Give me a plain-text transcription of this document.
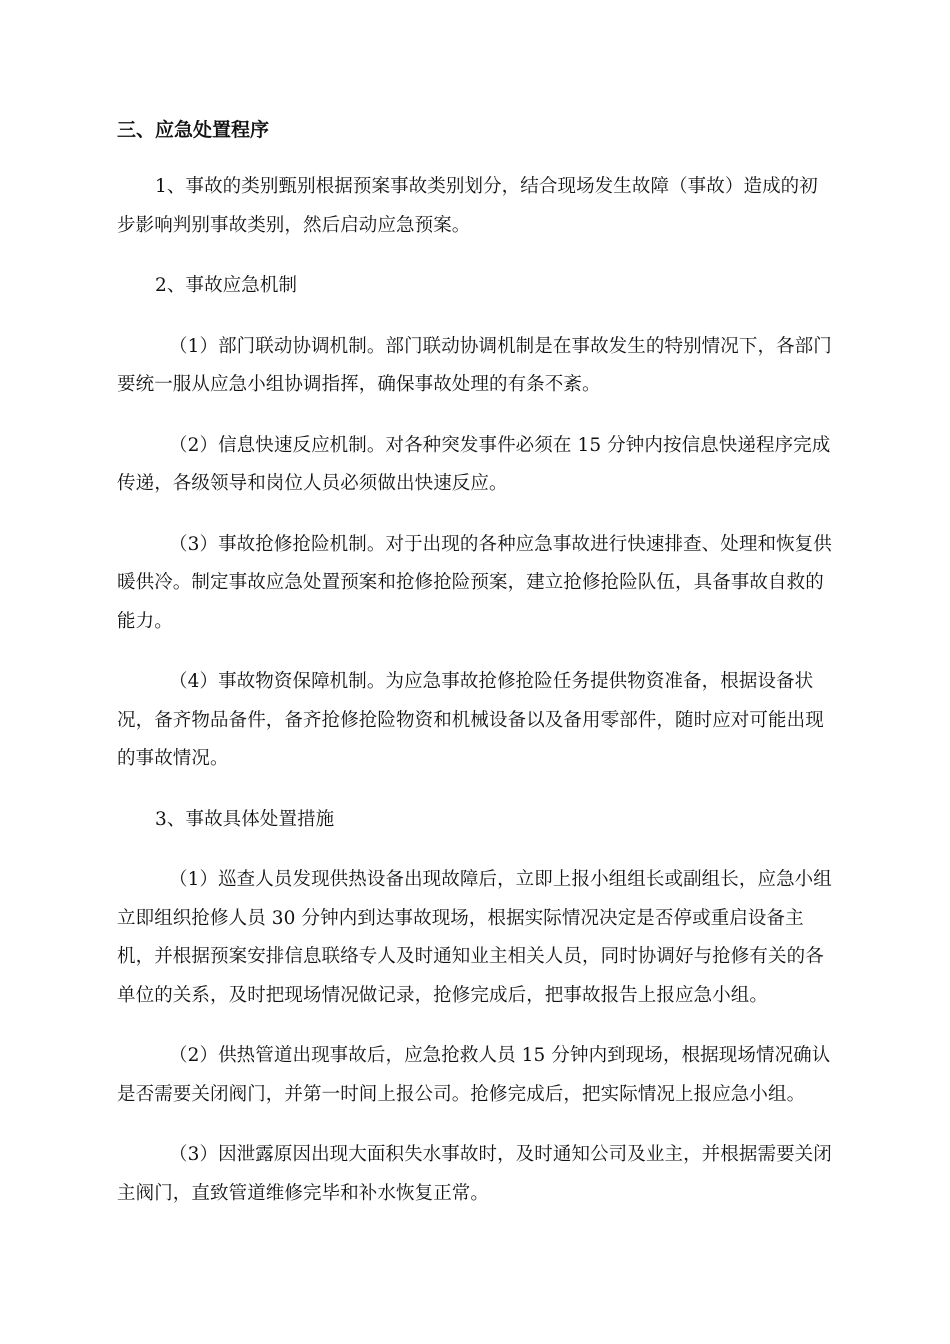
三、应急处置程序

1、事故的类别甄别根据预案事故类别划分，结合现场发生故障（事故）造成的初步影响判别事故类别，然后启动应急预案。

2、事故应急机制

（1）部门联动协调机制。部门联动协调机制是在事故发生的特别情况下，各部门要统一服从应急小组协调指挥，确保事故处理的有条不紊。

（2）信息快速反应机制。对各种突发事件必须在 15 分钟内按信息快递程序完成传递，各级领导和岗位人员必须做出快速反应。

（3）事故抢修抢险机制。对于出现的各种应急事故进行快速排查、处理和恢复供暖供冷。制定事故应急处置预案和抢修抢险预案，建立抢修抢险队伍，具备事故自救的能力。

（4）事故物资保障机制。为应急事故抢修抢险任务提供物资准备，根据设备状况，备齐物品备件，备齐抢修抢险物资和机械设备以及备用零部件，随时应对可能出现的事故情况。

3、事故具体处置措施

（1）巡查人员发现供热设备出现故障后，立即上报小组组长或副组长，应急小组立即组织抢修人员 30 分钟内到达事故现场，根据实际情况决定是否停或重启设备主机，并根据预案安排信息联络专人及时通知业主相关人员，同时协调好与抢修有关的各单位的关系，及时把现场情况做记录，抢修完成后，把事故报告上报应急小组。

（2）供热管道出现事故后，应急抢救人员 15 分钟内到现场，根据现场情况确认是否需要关闭阀门，并第一时间上报公司。抢修完成后，把实际情况上报应急小组。

（3）因泄露原因出现大面积失水事故时，及时通知公司及业主，并根据需要关闭主阀门，直致管道维修完毕和补水恢复正常。
